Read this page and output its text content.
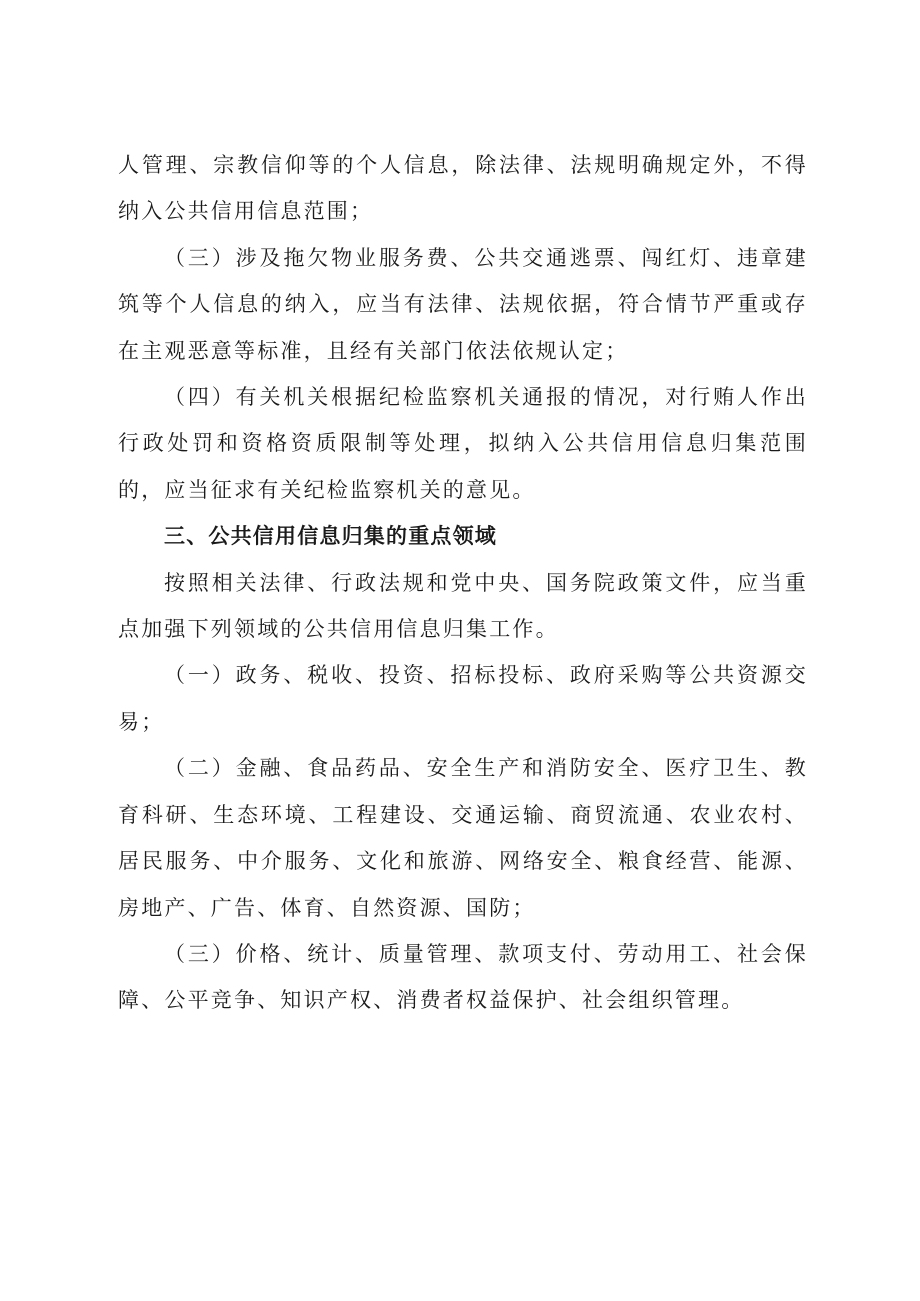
人管理、宗教信仰等的个人信息，除法律、法规明确规定外，不得纳入公共信用信息范围；

（三）涉及拖欠物业服务费、公共交通逃票、闯红灯、违章建筑等个人信息的纳入，应当有法律、法规依据，符合情节严重或存在主观恶意等标准，且经有关部门依法依规认定；

（四）有关机关根据纪检监察机关通报的情况，对行贿人作出行政处罚和资格资质限制等处理，拟纳入公共信用信息归集范围的，应当征求有关纪检监察机关的意见。

三、公共信用信息归集的重点领域

按照相关法律、行政法规和党中央、国务院政策文件，应当重点加强下列领域的公共信用信息归集工作。

（一）政务、税收、投资、招标投标、政府采购等公共资源交易；

（二）金融、食品药品、安全生产和消防安全、医疗卫生、教育科研、生态环境、工程建设、交通运输、商贸流通、农业农村、居民服务、中介服务、文化和旅游、网络安全、粮食经营、能源、房地产、广告、体育、自然资源、国防；

（三）价格、统计、质量管理、款项支付、劳动用工、社会保障、公平竞争、知识产权、消费者权益保护、社会组织管理。
